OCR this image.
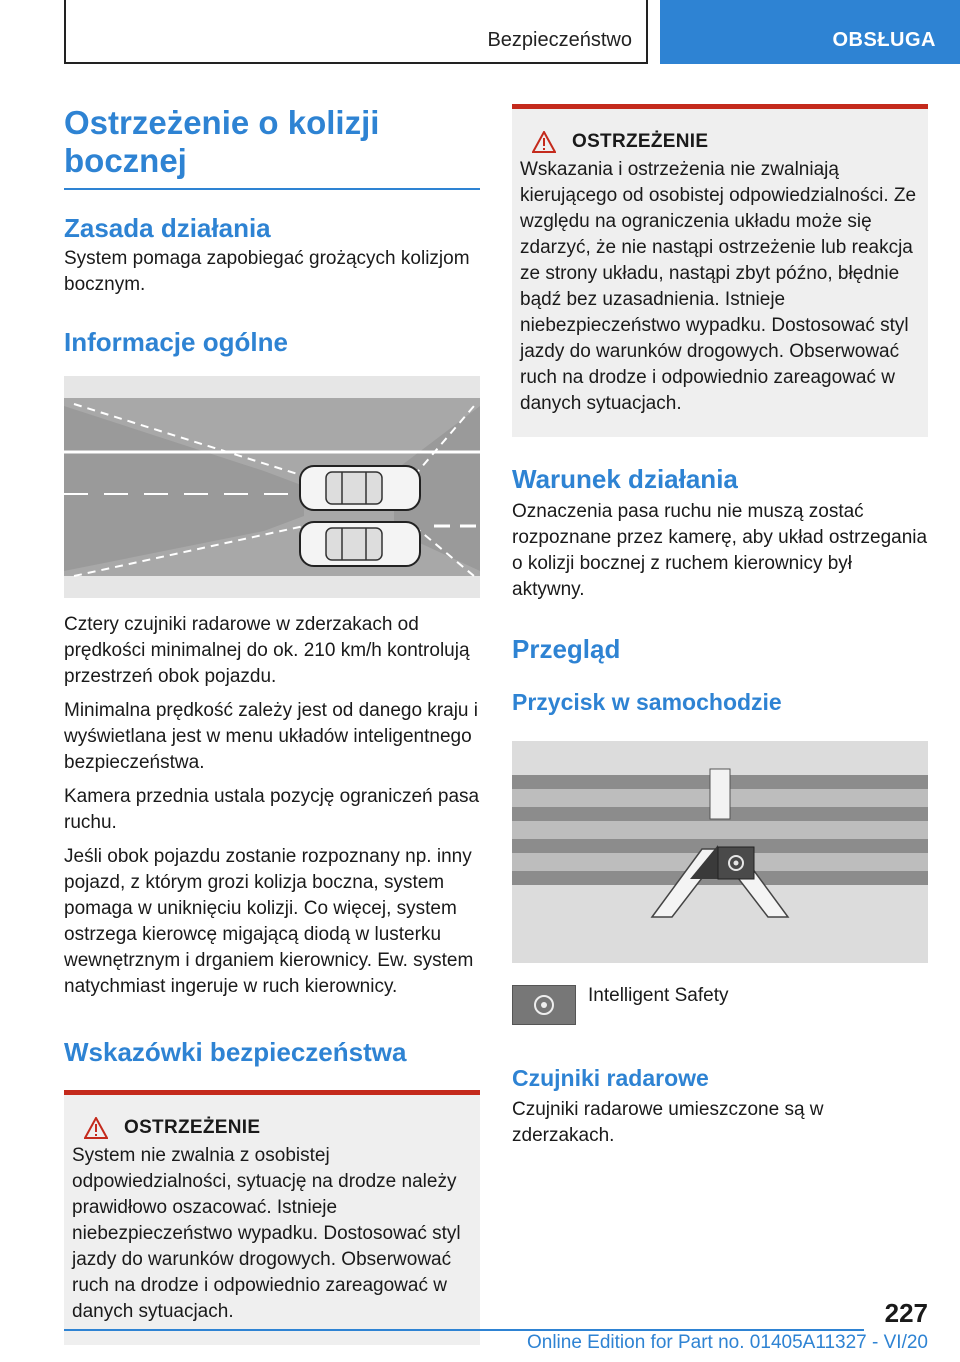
Bezpieczeństwo	OBSŁUGA
Ostrzeżenie o kolizji bocznej
Zasada działania

System pomaga zapobiegać grożących kolizjom bocznym.

Informacje ogólne

Cztery czujniki radarowe w zderzakach od prędkości minimalnej do ok. 210 km/h kontrolują przestrzeń obok pojazdu.

Minimalna prędkość zależy jest od danego kraju i wyświetlana jest w menu układów inteligentnego bezpieczeństwa.

Kamera przednia ustala pozycję ograniczeń pasa ruchu.

Jeśli obok pojazdu zostanie rozpoznany np. inny pojazd, z którym grozi kolizja boczna, system pomaga w uniknięciu kolizji. Co więcej, system ostrzega kierowcę migającą diodą w lusterku wewnętrznym i drganiem kierownicy. Ew. system natychmiast ingeruje w ruch kierownicy.

Wskazówki bezpieczeństwa
OSTRZEŻENIE

System nie zwalnia z osobistej odpowiedzialności, sytuację na drodze należy prawidłowo oszacować. Istnieje niebezpieczeństwo wypadku. Dostosować styl jazdy do warunków drogowych. Obserwować ruch na drodze i odpowiednio zareagować w danych sytuacjach.

OSTRZEŻENIE

Wskazania i ostrzeżenia nie zwalniają kierującego od osobistej odpowiedzialności. Ze względu na ograniczenia układu może się zdarzyć, że nie nastąpi ostrzeżenie lub reakcja ze strony układu, nastąpi zbyt późno, błędnie bądź bez uzasadnienia. Istnieje niebezpieczeństwo wypadku. Dostosować styl jazdy do warunków drogowych. Obserwować ruch na drodze i odpowiednio zareagować w danych sytuacjach.

Warunek działania

Oznaczenia pasa ruchu nie muszą zostać rozpoznane przez kamerę, aby układ ostrzegania o kolizji bocznej z ruchem kierownicy był aktywny.

Przegląd
Przycisk w samochodzie

Intelligent Safety

Czujniki radarowe

Czujniki radarowe umieszczone są w zderzakach.

227
Online Edition for Part no. 01405A11327 - VI/20
